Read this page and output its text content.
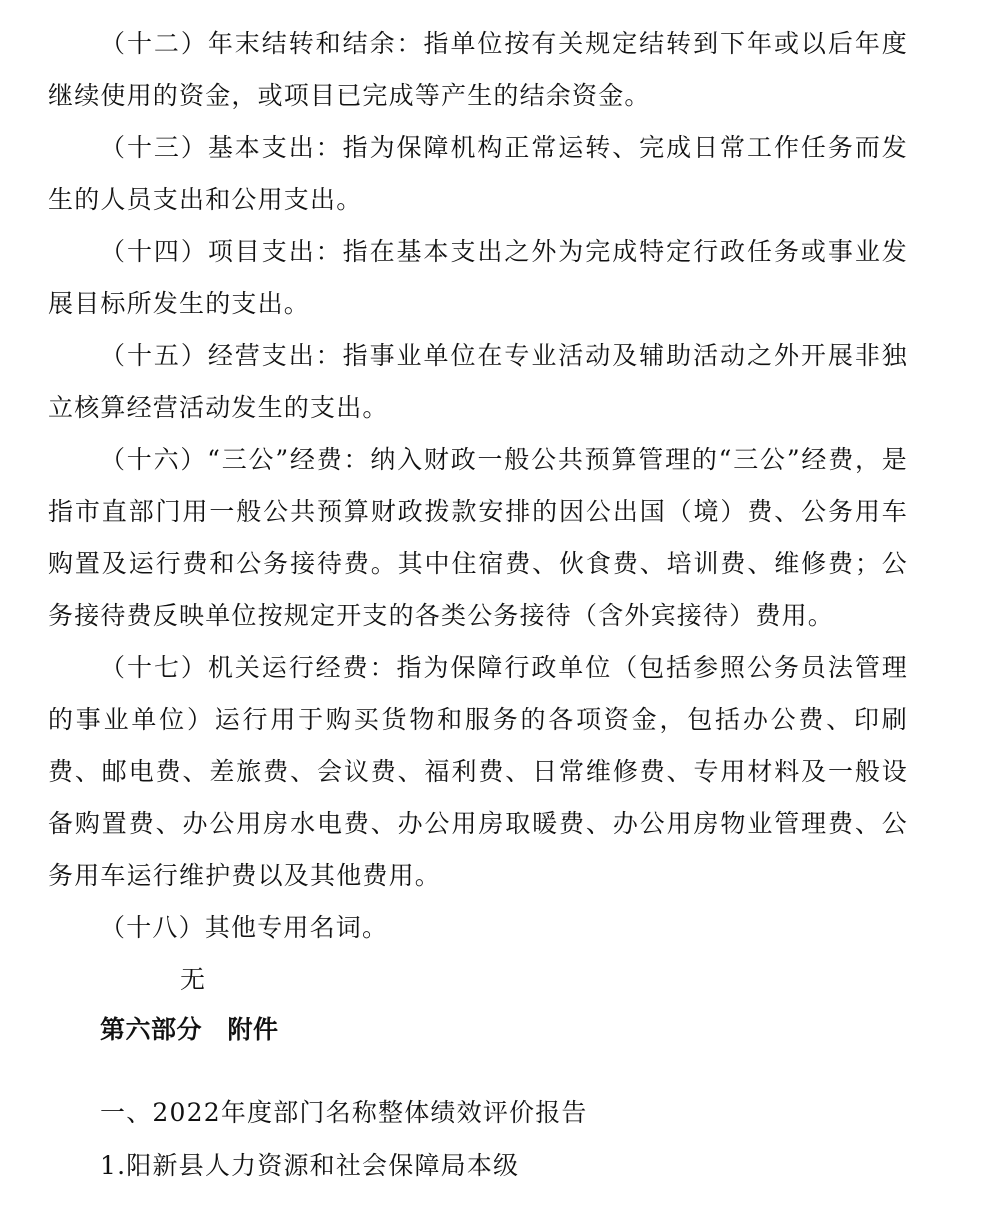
（十二）年末结转和结余：指单位按有关规定结转到下年或以后年度继续使用的资金，或项目已完成等产生的结余资金。

（十三）基本支出：指为保障机构正常运转、完成日常工作任务而发生的人员支出和公用支出。

（十四）项目支出：指在基本支出之外为完成特定行政任务或事业发展目标所发生的支出。

（十五）经营支出：指事业单位在专业活动及辅助活动之外开展非独立核算经营活动发生的支出。

（十六）“三公”经费：纳入财政一般公共预算管理的“三公”经费，是指市直部门用一般公共预算财政拨款安排的因公出国（境）费、公务用车购置及运行费和公务接待费。其中住宿费、伙食费、培训费、维修费；公务接待费反映单位按规定开支的各类公务接待（含外宾接待）费用。

（十七）机关运行经费：指为保障行政单位（包括参照公务员法管理的事业单位）运行用于购买货物和服务的各项资金，包括办公费、印刷费、邮电费、差旅费、会议费、福利费、日常维修费、专用材料及一般设备购置费、办公用房水电费、办公用房取暖费、办公用房物业管理费、公务用车运行维护费以及其他费用。

（十八）其他专用名词。

无

第六部分　附件

一、2022年度部门名称整体绩效评价报告

1.阳新县人力资源和社会保障局本级
